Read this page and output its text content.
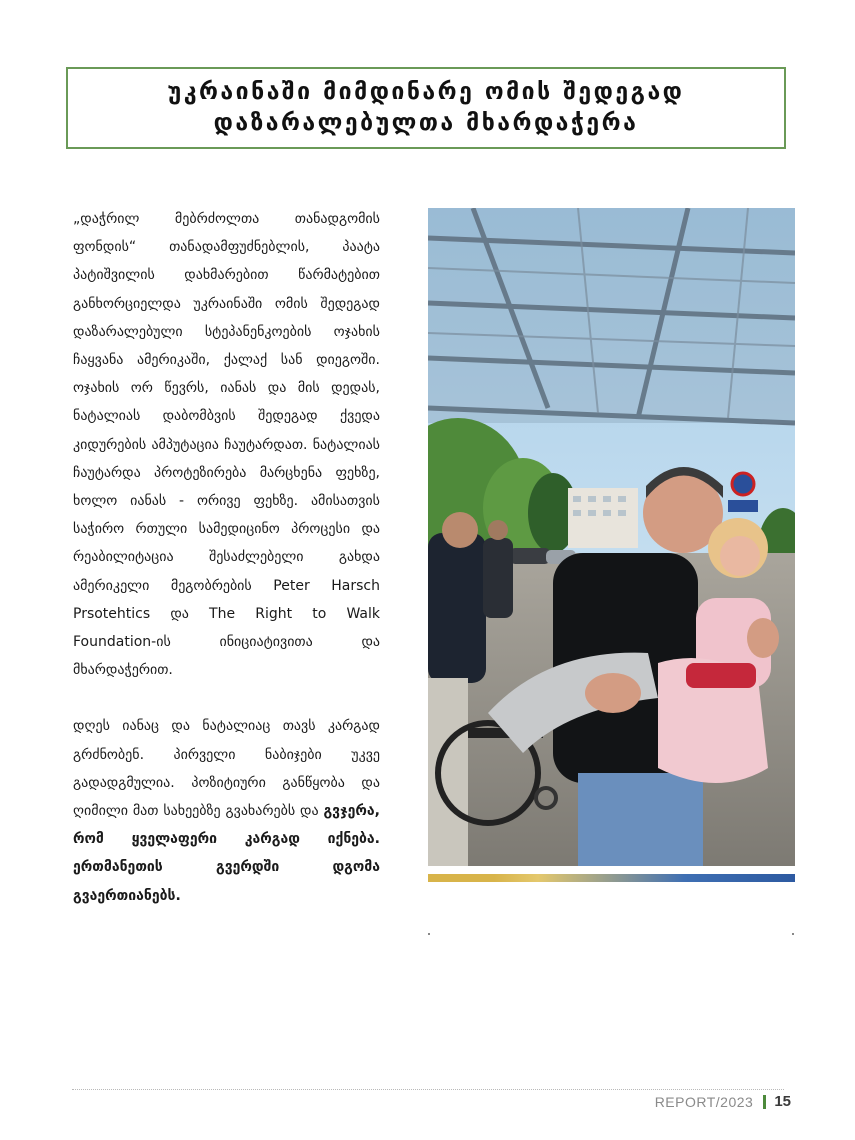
უკრაინაში მიმდინარე ომის შედეგად
დაზარალებულთა მხარდაჭერა

„დაჭრილ მებრძოლთა თანადგომის ფონდის“ თანადამფუძნებლის, პაატა პატიშვილის დახმარებით წარმატებით განხორციელდა უკრაინაში ომის შედეგად დაზარალებული სტეპანენკოების ოჯახის ჩაყვანა ამერიკაში, ქალაქ სან დიეგოში. ოჯახის ორ წევრს, იანას და მის დედას, ნატალიას დაბომბვის შედეგად ქვედა კიდურების ამპუტაცია ჩაუტარდათ. ნატალიას ჩაუტარდა პროტეზირება მარცხენა ფეხზე, ხოლო იანას - ორივე ფეხზე. ამისათვის საჭირო რთული სამედიცინო პროცესი და რეაბილიტაცია შესაძლებელი გახდა ამერიკელი მეგობრების Peter Harsch Prsotehtics და The Right to Walk Foundation-ის ინიციატივითა და მხარდაჭერით.

დღეს იანაც და ნატალიაც თავს კარგად გრძნობენ. პირველი ნაბიჯები უკვე გადადგმულია. პოზიტიური განწყობა და ღიმილი მათ სახეებზე გვახარებს და გვჯერა, რომ ყველაფერი კარგად იქნება. ერთმანეთის გვერდში დგომა გვაერთიანებს.

REPORT/2023 15
